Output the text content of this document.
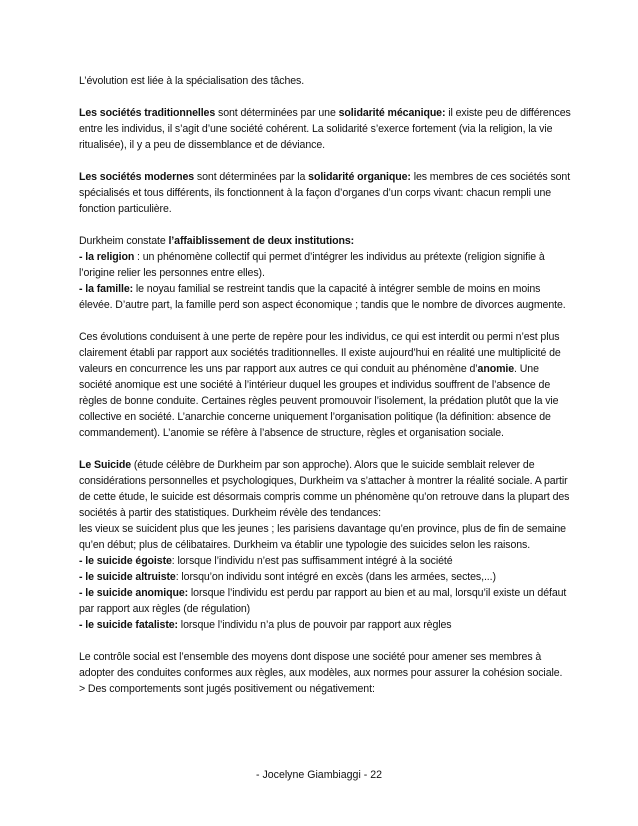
L’évolution est liée à la spécialisation des tâches.

Les sociétés traditionnelles sont déterminées par une solidarité mécanique: il existe peu de différences entre les individus, il s’agit d’une société cohérent. La solidarité s’exerce fortement (via la religion, la vie ritualisée), il y a peu de dissemblance et de déviance.

Les sociétés modernes sont déterminées par la solidarité organique: les membres de ces sociétés sont spécialisés et tous différents, ils fonctionnent à la façon d’organes d’un corps vivant: chacun rempli une fonction particulière.

Durkheim constate l’affaiblissement de deux institutions:

- la religion : un phénomène collectif qui permet d’intégrer les individus au prétexte (religion signifie à l’origine relier les personnes entre elles).

- la famille: le noyau familial se restreint tandis que la capacité à intégrer semble de moins en moins élevée. D’autre part, la famille perd son aspect économique ; tandis que le nombre de divorces augmente.

Ces évolutions conduisent à une perte de repère pour les individus, ce qui est interdit ou permi n’est plus clairement établi par rapport aux sociétés traditionnelles. Il existe aujourd’hui en réalité une multiplicité de valeurs en concurrence les uns par rapport aux autres ce qui conduit au phénomène d’anomie. Une société anomique est une société à l’intérieur duquel les groupes et individus souffrent de l’absence de règles de bonne conduite. Certaines règles peuvent promouvoir l’isolement, la prédation plutôt que la vie collective en société. L’anarchie concerne uniquement l’organisation politique (la définition: absence de commandement). L’anomie se réfère à l’absence de structure, règles et organisation sociale.

Le Suicide (étude célèbre de Durkheim par son approche). Alors que le suicide semblait relever de considérations personnelles et psychologiques, Durkheim va s’attacher à montrer la réalité sociale. A partir de cette étude, le suicide est désormais compris comme un phénomène qu’on retrouve dans la plupart des sociétés à partir des statistiques. Durkheim révèle des tendances:

les vieux se suicident plus que les jeunes ; les parisiens davantage qu’en province, plus de fin de semaine qu’en début; plus de célibataires. Durkheim va établir une typologie des suicides selon les raisons.

- le suicide égoiste: lorsque l’individu n’est pas suffisamment intégré à la société

- le suicide altruiste: lorsqu’on individu sont intégré en excès (dans les armées, sectes,...)

- le suicide anomique: lorsque l’individu est perdu par rapport au bien et au mal, lorsqu’il existe un défaut par rapport aux règles (de régulation)

- le suicide fataliste: lorsque l’individu n’a plus de pouvoir par rapport aux règles

Le contrôle social est l’ensemble des moyens dont dispose une société pour amener ses membres à adopter des conduites conformes aux règles, aux modèles, aux normes pour assurer la cohésion sociale.

> Des comportements sont jugés positivement ou négativement:

- Jocelyne Giambiaggi - 22
